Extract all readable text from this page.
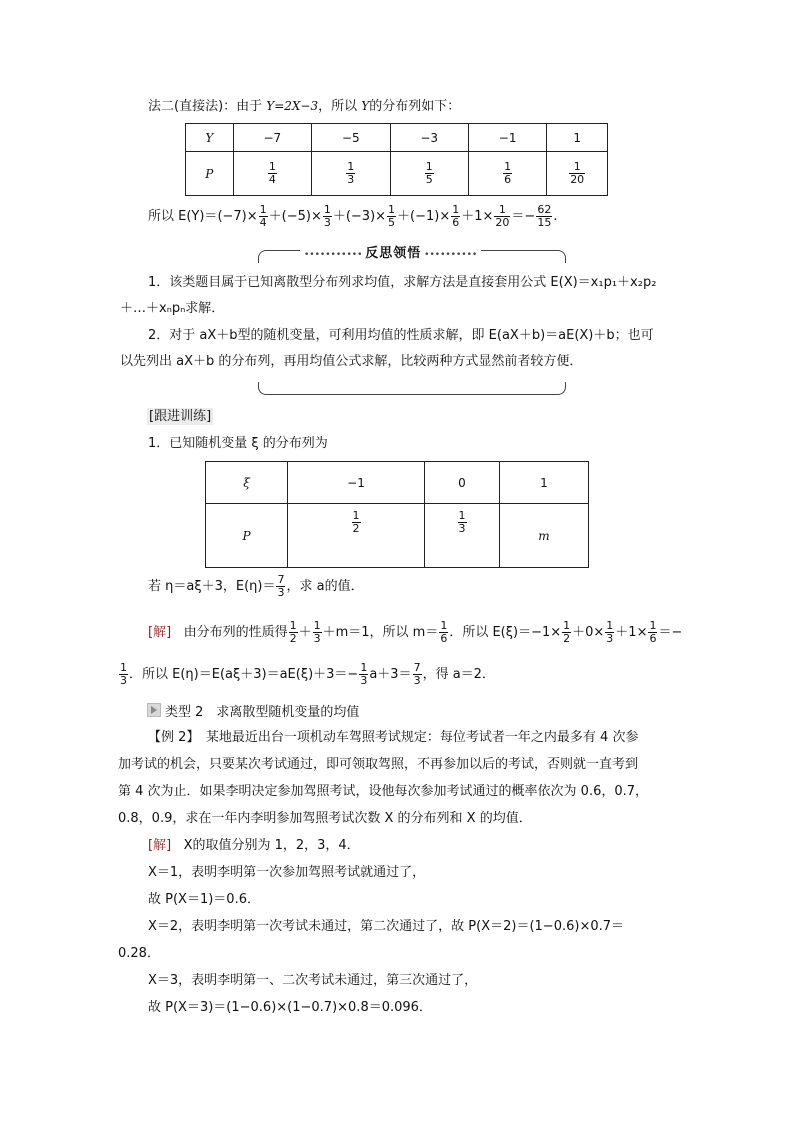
法二(直接法)：由于 Y=2X−3，所以 Y的分布列如下：
Y	−7	−5	−3	−1	1
P	$\frac{1}{4}$	$\frac{1}{3}$	$\frac{1}{5}$	$\frac{1}{6}$	$\frac{1}{20}$
所以 $E(Y)=(-7)\times \frac{1}{4} +(-5)\times \frac{1}{3} +(-3)\times \frac{1}{5} +(-1)\times \frac{1}{6} +1\times \frac{1}{20} =- \frac{62}{15}$ .
••••••••••• 反思领悟 ••••••••••
1．该类题目属于已知离散型分布列求均值，求解方法是直接套用公式 E(X)＝x₁p₁＋x₂p₂
＋…＋xₙpₙ求解．
2．对于 aX＋b型的随机变量，可利用均值的性质求解，即 E(aX＋b)＝aE(X)＋b；也可
以先列出 aX＋b 的分布列，再用均值公式求解，比较两种方式显然前者较方便．
[跟进训练]
1．已知随机变量 ξ 的分布列为
ξ	−1	0	1
P	$\frac{1}{2}$	$\frac{1}{3}$	m
若 η＝aξ＋3，$E(\eta)= \frac{7}{3}$ ，求 a的值．
[解] 由分布列的性质得 $\frac{1}{2} + \frac{1}{3} +m=1$，所以 $m= \frac{1}{6}$ ．所以 $E(\xi)=-1\times \frac{1}{2} +0\times \frac{1}{3} +1\times \frac{1}{6}$ ＝−
$\frac{1}{3}$ ．所以 $E(\eta)=E(a\xi+3)=aE(\xi)+3=- \frac{1}{3} a+3= \frac{7}{3}$ ，得 a＝2．
类型 2　求离散型随机变量的均值
【例 2】　某地最近出台一项机动车驾照考试规定：每位考试者一年之内最多有 4 次参
加考试的机会，只要某次考试通过，即可领取驾照，不再参加以后的考试，否则就一直考到
第 4 次为止．如果李明决定参加驾照考试，设他每次参加考试通过的概率依次为 0.6，0.7，
0.8，0.9，求在一年内李明参加驾照考试次数 X 的分布列和 X 的均值．
[解] X的取值分别为 1，2，3，4．
X＝1，表明李明第一次参加驾照考试就通过了，
故 P(X＝1)＝0.6．
X＝2，表明李明第一次考试未通过，第二次通过了，故 P(X＝2)＝(1−0.6)×0.7＝
0.28．
X＝3，表明李明第一、二次考试未通过，第三次通过了，
故 P(X＝3)＝(1−0.6)×(1−0.7)×0.8＝0.096．
